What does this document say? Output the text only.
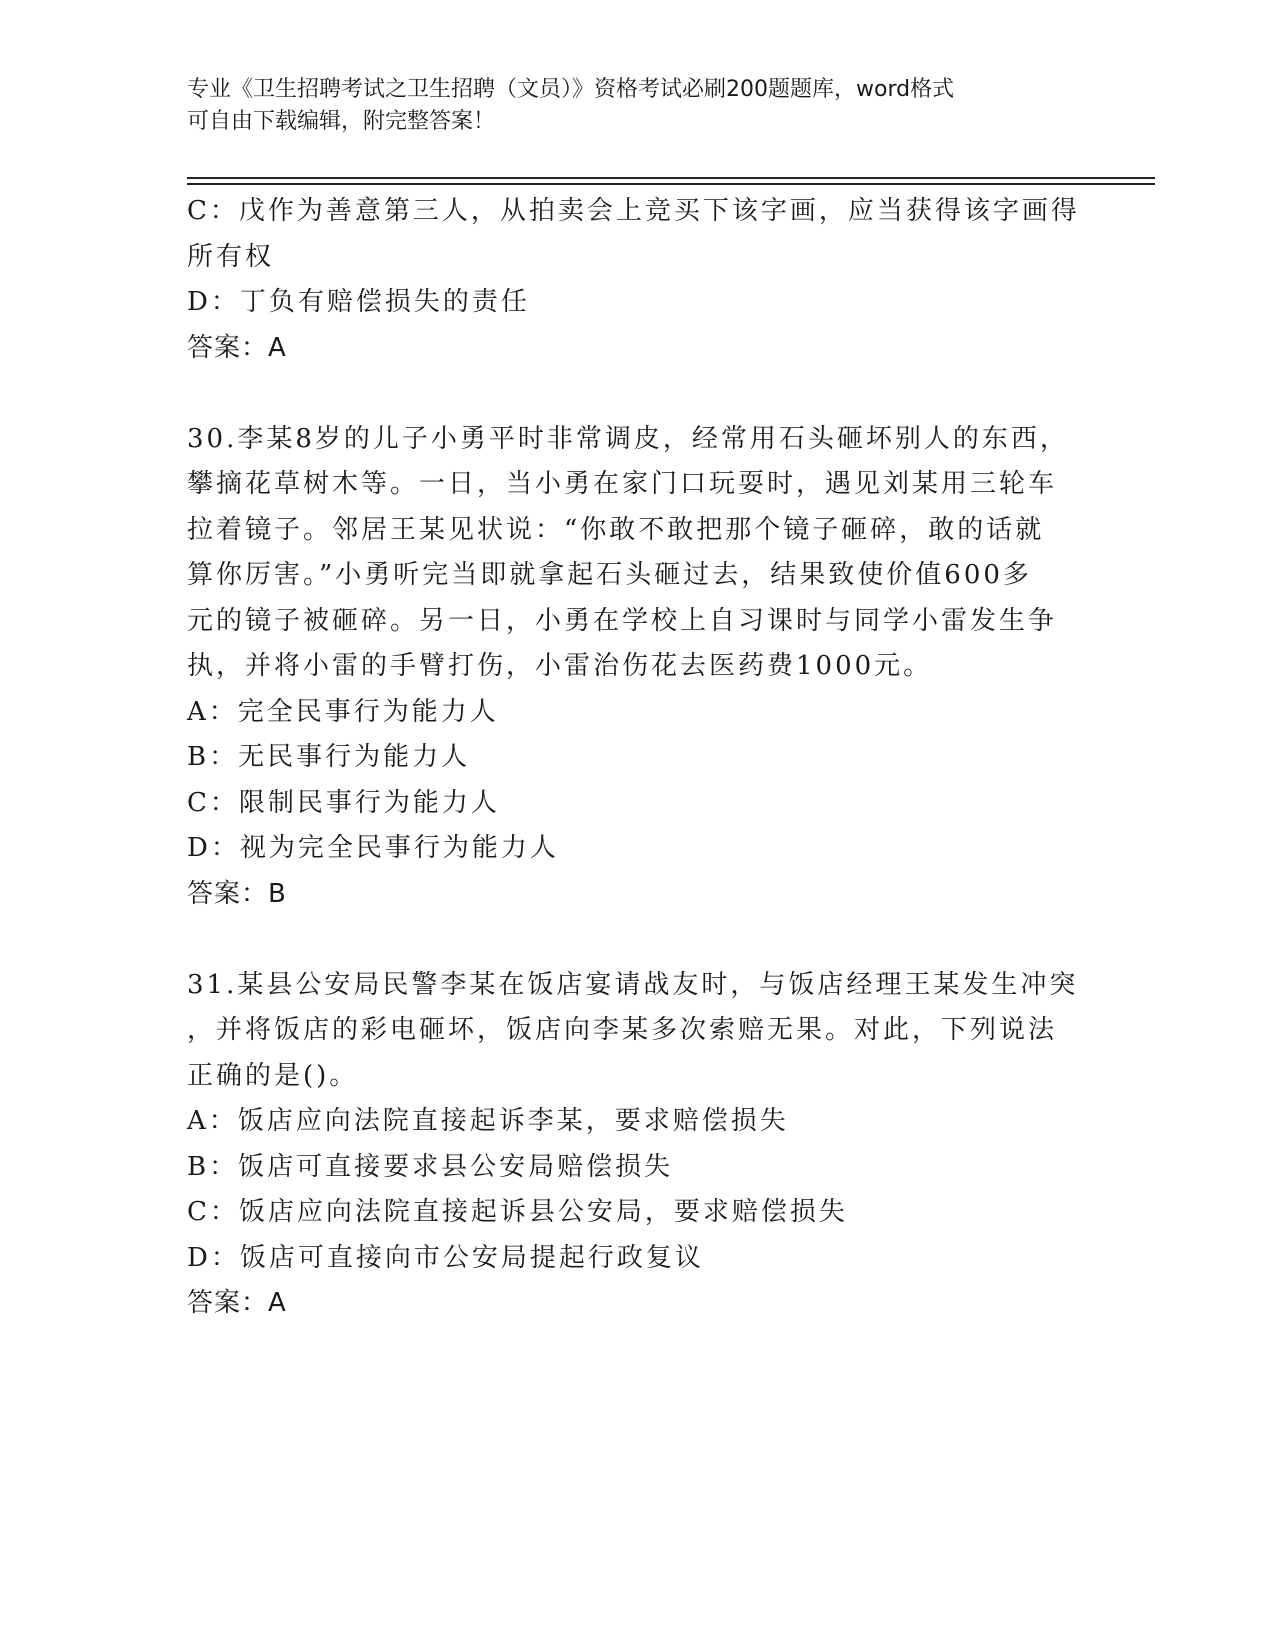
专业《卫生招聘考试之卫生招聘（文员）》资格考试必刷200题题库，word格式
可自由下载编辑，附完整答案！
C：戊作为善意第三人，从拍卖会上竞买下该字画，应当获得该字画得
所有权
D：丁负有赔偿损失的责任
答案：A
30.李某8岁的儿子小勇平时非常调皮，经常用石头砸坏别人的东西，
攀摘花草树木等。一日，当小勇在家门口玩耍时，遇见刘某用三轮车
拉着镜子。邻居王某见状说：“你敢不敢把那个镜子砸碎，敢的话就
算你厉害。”小勇听完当即就拿起石头砸过去，结果致使价值600多
元的镜子被砸碎。另一日，小勇在学校上自习课时与同学小雷发生争
执，并将小雷的手臂打伤，小雷治伤花去医药费1000元。
A：完全民事行为能力人
B：无民事行为能力人
C：限制民事行为能力人
D：视为完全民事行为能力人
答案：B
31.某县公安局民警李某在饭店宴请战友时，与饭店经理王某发生冲突
，并将饭店的彩电砸坏，饭店向李某多次索赔无果。对此，下列说法
正确的是()。
A：饭店应向法院直接起诉李某，要求赔偿损失
B：饭店可直接要求县公安局赔偿损失
C：饭店应向法院直接起诉县公安局，要求赔偿损失
D：饭店可直接向市公安局提起行政复议
答案：A
